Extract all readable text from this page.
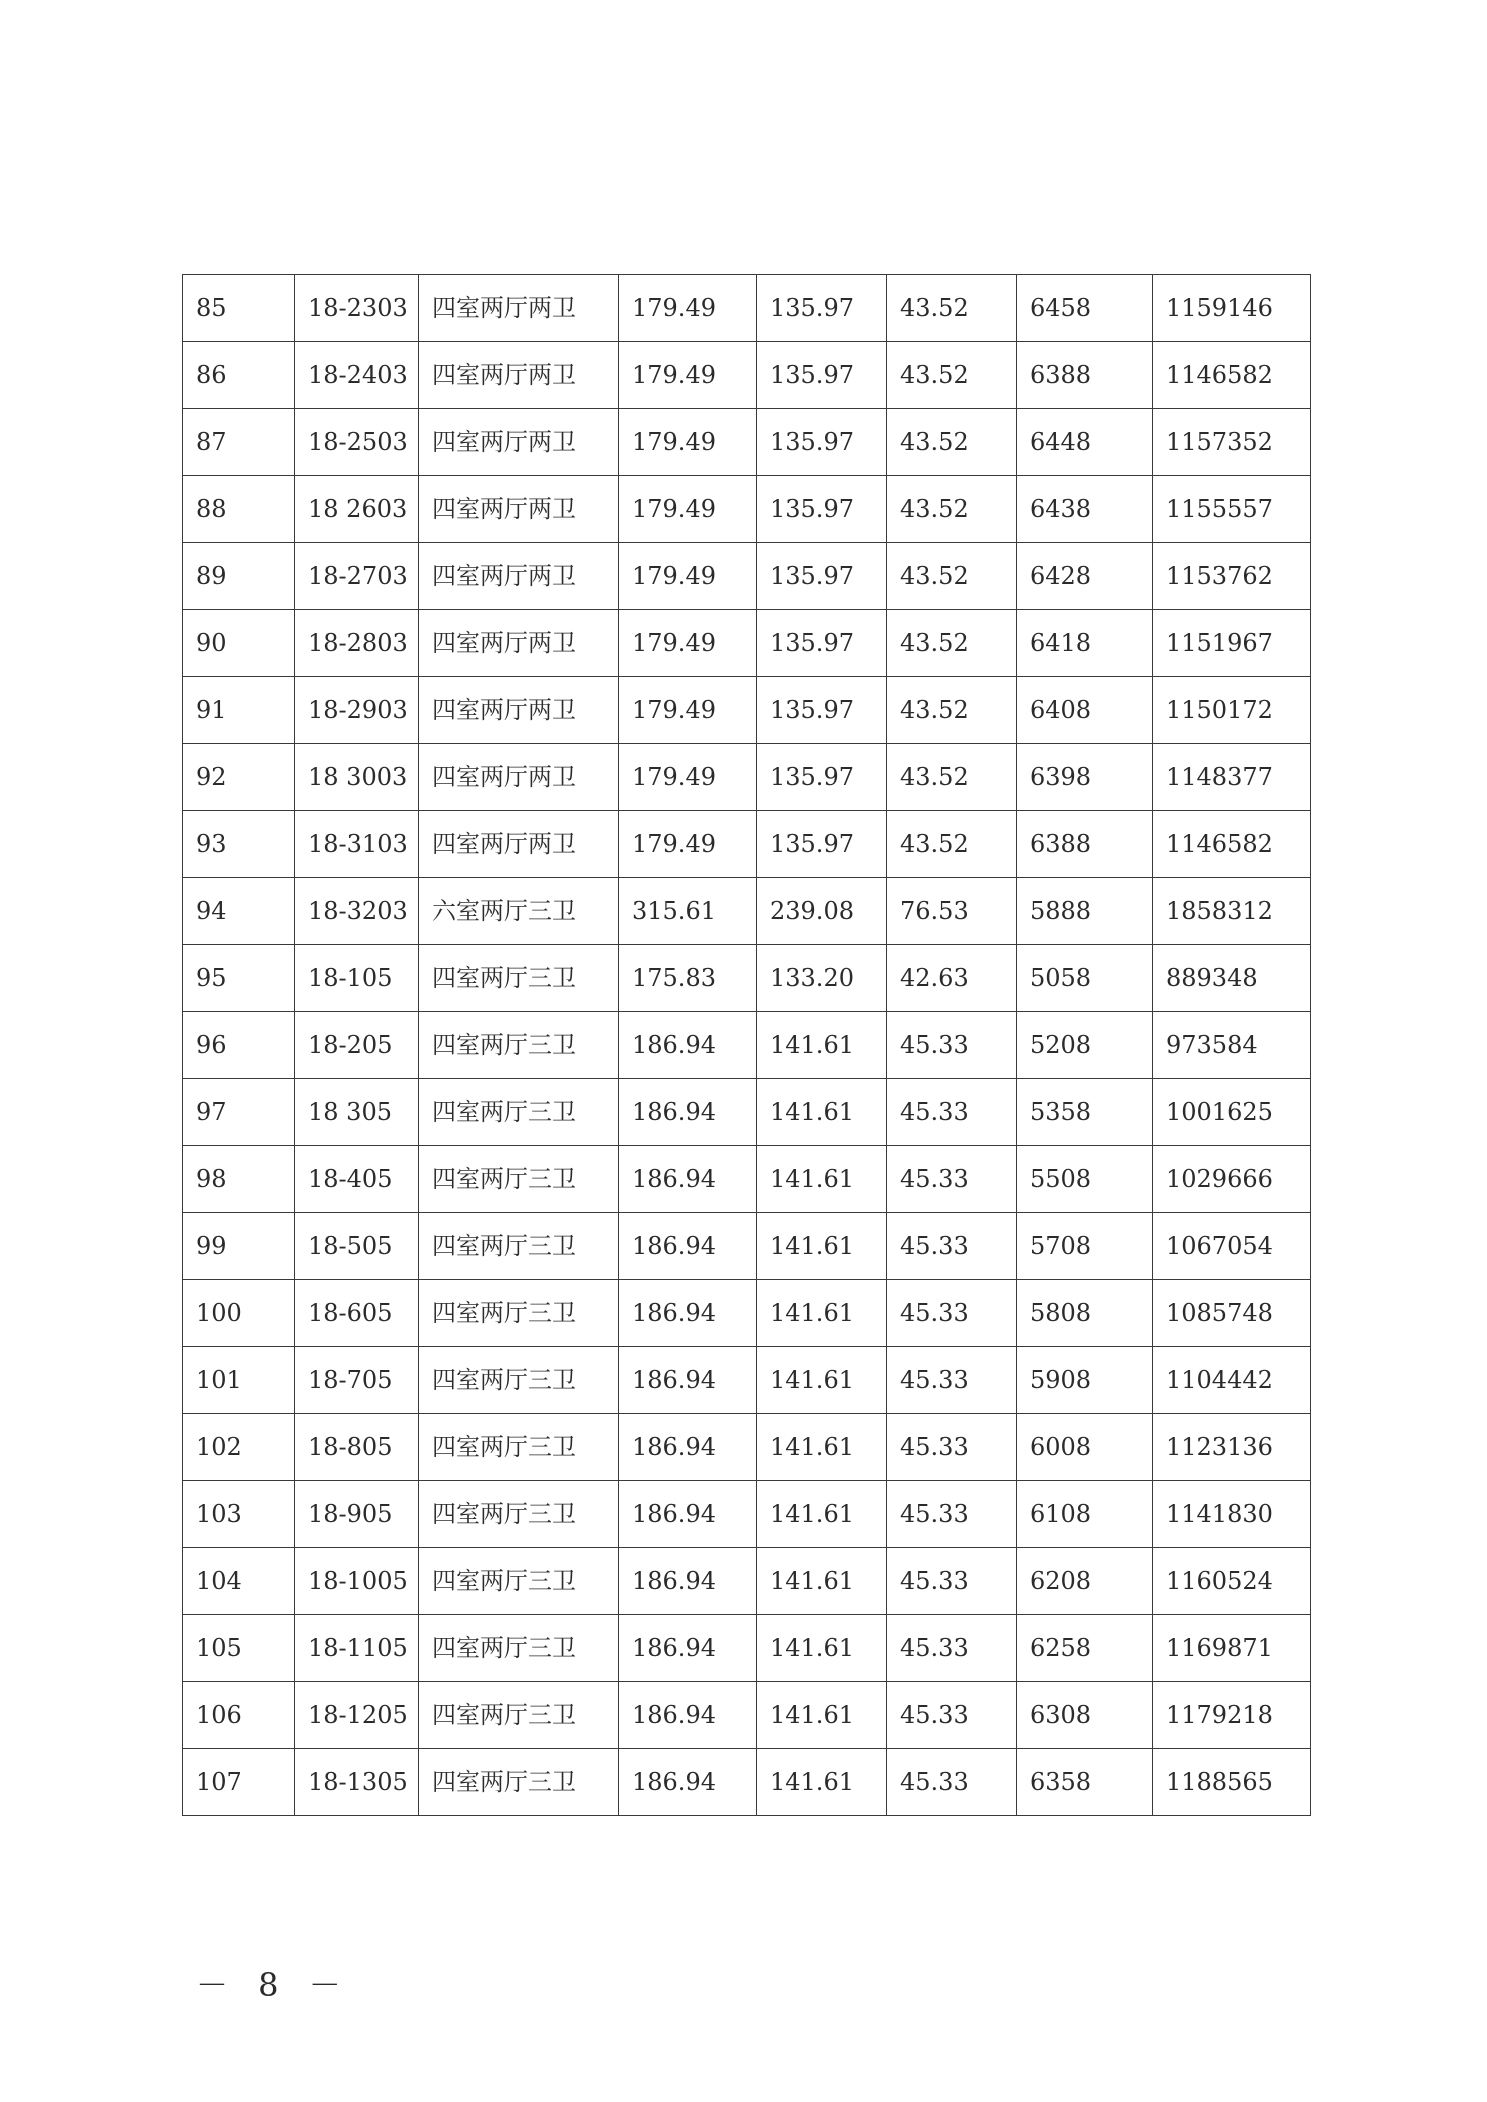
85	18-2303	四室两厅两卫	179.49	135.97	43.52	6458	1159146
86	18-2403	四室两厅两卫	179.49	135.97	43.52	6388	1146582
87	18-2503	四室两厅两卫	179.49	135.97	43.52	6448	1157352
88	18 2603	四室两厅两卫	179.49	135.97	43.52	6438	1155557
89	18-2703	四室两厅两卫	179.49	135.97	43.52	6428	1153762
90	18-2803	四室两厅两卫	179.49	135.97	43.52	6418	1151967
91	18-2903	四室两厅两卫	179.49	135.97	43.52	6408	1150172
92	18 3003	四室两厅两卫	179.49	135.97	43.52	6398	1148377
93	18-3103	四室两厅两卫	179.49	135.97	43.52	6388	1146582
94	18-3203	六室两厅三卫	315.61	239.08	76.53	5888	1858312
95	18-105	四室两厅三卫	175.83	133.20	42.63	5058	889348
96	18-205	四室两厅三卫	186.94	141.61	45.33	5208	973584
97	18 305	四室两厅三卫	186.94	141.61	45.33	5358	1001625
98	18-405	四室两厅三卫	186.94	141.61	45.33	5508	1029666
99	18-505	四室两厅三卫	186.94	141.61	45.33	5708	1067054
100	18-605	四室两厅三卫	186.94	141.61	45.33	5808	1085748
101	18-705	四室两厅三卫	186.94	141.61	45.33	5908	1104442
102	18-805	四室两厅三卫	186.94	141.61	45.33	6008	1123136
103	18-905	四室两厅三卫	186.94	141.61	45.33	6108	1141830
104	18-1005	四室两厅三卫	186.94	141.61	45.33	6208	1160524
105	18-1105	四室两厅三卫	186.94	141.61	45.33	6258	1169871
106	18-1205	四室两厅三卫	186.94	141.61	45.33	6308	1179218
107	18-1305	四室两厅三卫	186.94	141.61	45.33	6358	1188565
－ 8 －
